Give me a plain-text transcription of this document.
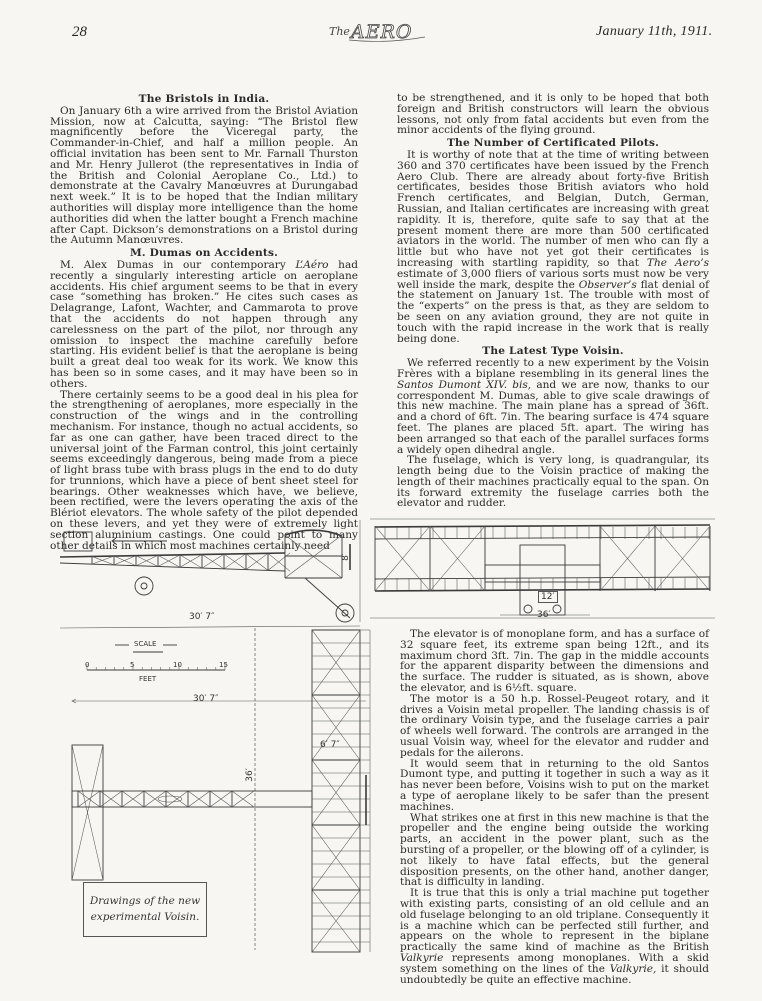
28	The AERO	January 11th, 1911.
The Bristols in India.

On January 6th a wire arrived from the Bristol Aviation Mission, now at Calcutta, saying: “The Bristol flew magnificently before the Viceregal party, the Commander-in-Chief, and half a million people. An official invitation has been sent to Mr. Farnall Thurston and Mr. Henry Jullerot (the representatives in India of the British and Colonial Aeroplane Co., Ltd.) to demonstrate at the Cavalry Manœuvres at Durungabad next week.” It is to be hoped that the Indian military authorities will display more intelligence than the home authorities did when the latter bought a French machine after Capt. Dickson’s demonstrations on a Bristol during the Autumn Manœuvres.

M. Dumas on Accidents.

M. Alex Dumas in our contemporary L’Aéro had recently a singularly interesting article on aeroplane accidents. His chief argument seems to be that in every case “something has broken.” He cites such cases as Delagrange, Lafont, Wachter, and Cammarota to prove that the accidents do not happen through any carelessness on the part of the pilot, nor through any omission to inspect the machine carefully before starting. His evident belief is that the aeroplane is being built a great deal too weak for its work. We know this has been so in some cases, and it may have been so in others.

There certainly seems to be a good deal in his plea for the strengthening of aeroplanes, more especially in the construction of the wings and in the controlling mechanism. For instance, though no actual accidents, so far as one can gather, have been traced direct to the universal joint of the Farman control, this joint certainly seems exceedingly dangerous, being made from a piece of light brass tube with brass plugs in the end to do duty for trunnions, which have a piece of bent sheet steel for bearings. Other weaknesses which have, we believe, been rectified, were the levers operating the axis of the Blériot elevators. The whole safety of the pilot depended on these levers, and yet they were of extremely light section aluminium castings. One could point to many other details in which most machines certainly need

to be strengthened, and it is only to be hoped that both foreign and British constructors will learn the obvious lessons, not only from fatal accidents but even from the minor accidents of the flying ground.

The Number of Certificated Pilots.

It is worthy of note that at the time of writing between 360 and 370 certificates have been issued by the French Aero Club. There are already about forty-five British certificates, besides those British aviators who hold French certificates, and Belgian, Dutch, German, Russian, and Italian certificates are increasing with great rapidity. It is, therefore, quite safe to say that at the present moment there are more than 500 certificated aviators in the world. The number of men who can fly a little but who have not yet got their certificates is increasing with startling rapidity, so that The Aero’s estimate of 3,000 fliers of various sorts must now be very well inside the mark, despite the Observer’s flat denial of the statement on January 1st. The trouble with most of the “experts” on the press is that, as they are seldom to be seen on any aviation ground, they are not quite in touch with the rapid increase in the work that is really being done.

The Latest Type Voisin.

We referred recently to a new experiment by the Voisin Frères with a biplane resembling in its general lines the Santos Dumont XIV. bis, and we are now, thanks to our correspondent M. Dumas, able to give scale drawings of this new machine. The main plane has a spread of 36ft. and a chord of 6ft. 7in. The bearing surface is 474 square feet. The planes are placed 5ft. apart. The wiring has been arranged so that each of the parallel surfaces forms a widely open dihedral angle.

The fuselage, which is very long, is quadrangular, its length being due to the Voisin practice of making the length of their machines practically equal to the span. On its forward extremity the fuselage carries both the elevator and rudder.

The elevator is of monoplane form, and has a surface of 32 square feet, its extreme span being 12ft., and its maximum chord 3ft. 7in. The gap in the middle accounts for the apparent disparity between the dimensions and the surface. The rudder is situated, as is shown, above the elevator, and is 6½ft. square.

The motor is a 50 h.p. Rossel-Peugeot rotary, and it drives a Voisin metal propeller. The landing chassis is of the ordinary Voisin type, and the fuselage carries a pair of wheels well forward. The controls are arranged in the usual Voisin way, wheel for the elevator and rudder and pedals for the ailerons.

It would seem that in returning to the old Santos Dumont type, and putting it together in such a way as it has never been before, Voisins wish to put on the market a type of aeroplane likely to be safer than the present machines.

What strikes one at first in this new machine is that the propeller and the engine being outside the working parts, an accident in the power plant, such as the bursting of a propeller, or the blowing off of a cylinder, is not likely to have fatal effects, but the general disposition presents, on the other hand, another danger, that is difficulty in landing.

It is true that this is only a trial machine put together with existing parts, consisting of an old cellule and an old fuselage belonging to an old triplane. Consequently it is a machine which can be perfected still further, and appears on the whole to represent in the biplane practically the same kind of machine as the British Valkyrie represents among monoplanes. With a skid system something on the lines of the Valkyrie, it should undoubtedly be quite an effective machine.

30′ 7″
8′
36′
12′
SCALE
0	5	10	15
FEET
30′ 7″
36′
6′ 7″
Drawings of the new
experimental Voisin.
